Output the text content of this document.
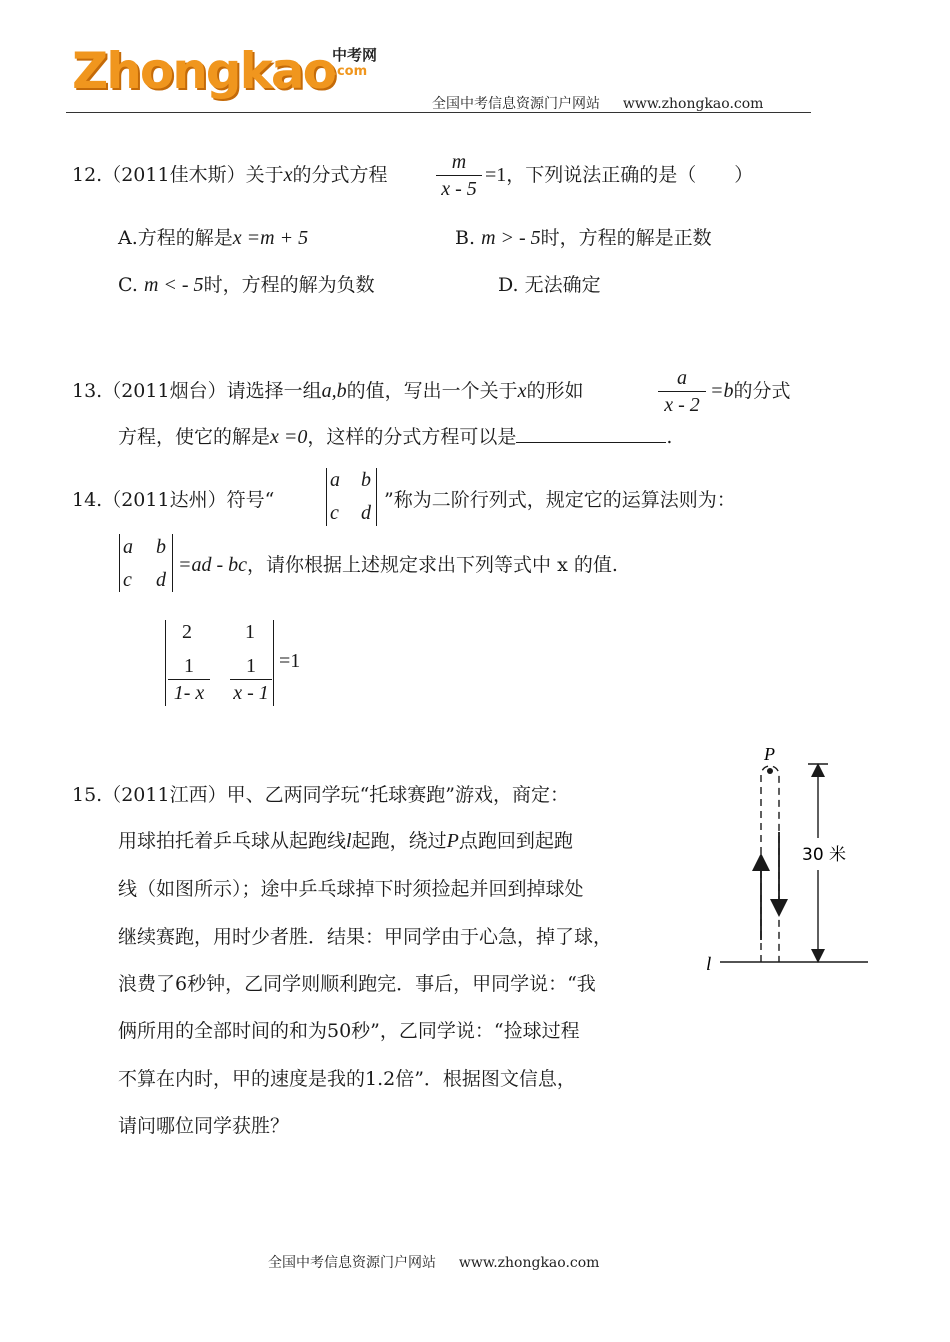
Zhongkao
中考网
.com
全国中考信息资源门户网站 www.zhongkao.com
12.（2011佳木斯）关于x的分式方程
m
x - 5
=1，下列说法正确的是（　　）
A.方程的解是x =m + 5	B. m > - 5时，方程的解是正数
C. m < - 5时，方程的解为负数	D. 无法确定
13.（2011烟台）请选择一组a,b的值，写出一个关于x的形如
a
x - 2
=b的分式
方程，使它的解是x =0，这样的分式方程可以是	.
14.（2011达州）符号“
a b
c d
”称为二阶行列式，规定它的运算法则为：
a b
c d
=ad - bc，请你根据上述规定求出下列等式中 x 的值.
2	1
1
1- x
1
x - 1
=1
15.（2011江西）甲、乙两同学玩“托球赛跑”游戏，商定：
用球拍托着乒乓球从起跑线l起跑，绕过P点跑回到起跑
线（如图所示）；途中乒乓球掉下时须捡起并回到掉球处
继续赛跑，用时少者胜．结果：甲同学由于心急，掉了球，
浪费了6秒钟，乙同学则顺利跑完．事后，甲同学说：“我
俩所用的全部时间的和为50秒”，乙同学说：“捡球过程
不算在内时，甲的速度是我的1.2倍”．根据图文信息，
请问哪位同学获胜？
P
30 米
l
全国中考信息资源门户网站 www.zhongkao.com
